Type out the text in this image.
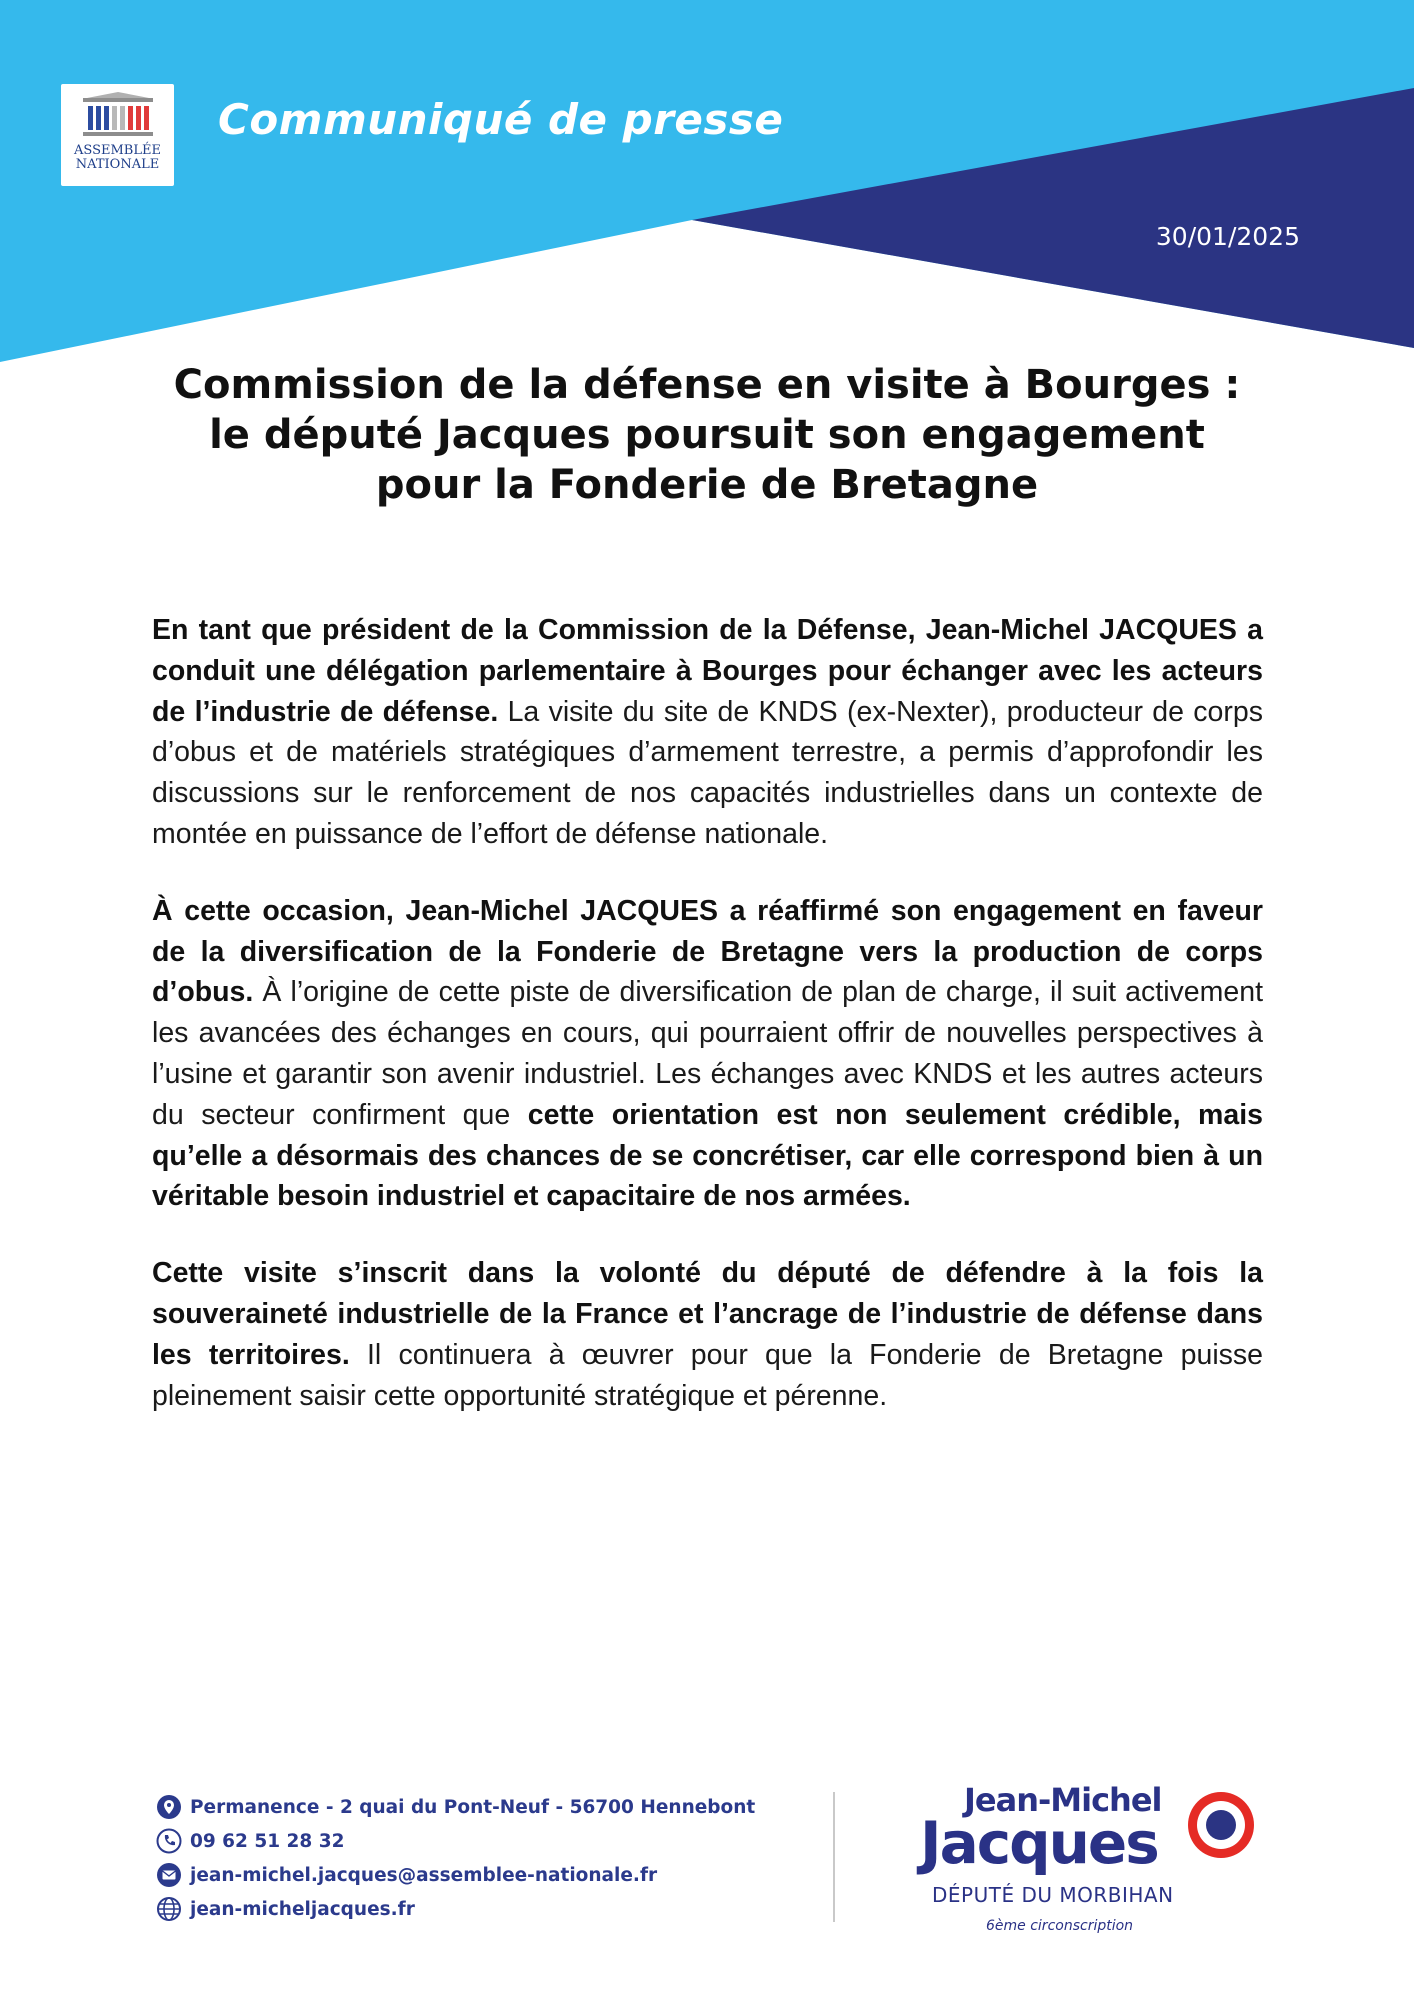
ASSEMBLÉE
NATIONALE
Communiqué de presse
30/01/2025
Commission de la défense en visite à Bourges :
le député Jacques poursuit son engagement
pour la Fonderie de Bretagne

En tant que président de la Commission de la Défense, Jean-Michel JACQUES a conduit une délégation parlementaire à Bourges pour échanger avec les acteurs de l’industrie de défense. La visite du site de KNDS (ex-Nexter), producteur de corps d’obus et de matériels stratégiques d’armement terrestre, a permis d’approfondir les discussions sur le renforcement de nos capacités industrielles dans un contexte de montée en puissance de l’effort de défense nationale.

À cette occasion, Jean-Michel JACQUES a réaffirmé son engagement en faveur de la diversification de la Fonderie de Bretagne vers la production de corps d’obus. À l’origine de cette piste de diversification de plan de charge, il suit activement les avancées des échanges en cours, qui pourraient offrir de nouvelles perspectives à l’usine et garantir son avenir industriel. Les échanges avec KNDS et les autres acteurs du secteur confirment que cette orientation est non seulement crédible, mais qu’elle a désormais des chances de se concrétiser, car elle correspond bien à un véritable besoin industriel et capacitaire de nos armées.

Cette visite s’inscrit dans la volonté du député de défendre à la fois la souveraineté industrielle de la France et l’ancrage de l’industrie de défense dans les territoires. Il continuera à œuvrer pour que la Fonderie de Bretagne puisse pleinement saisir cette opportunité stratégique et pérenne.

Permanence - 2 quai du Pont-Neuf - 56700 Hennebont
09 62 51 28 32
jean-michel.jacques@assemblee-nationale.fr
jean-micheljacques.fr
Jean-Michel
Jacques
DÉPUTÉ DU MORBIHAN
6ème circonscription
